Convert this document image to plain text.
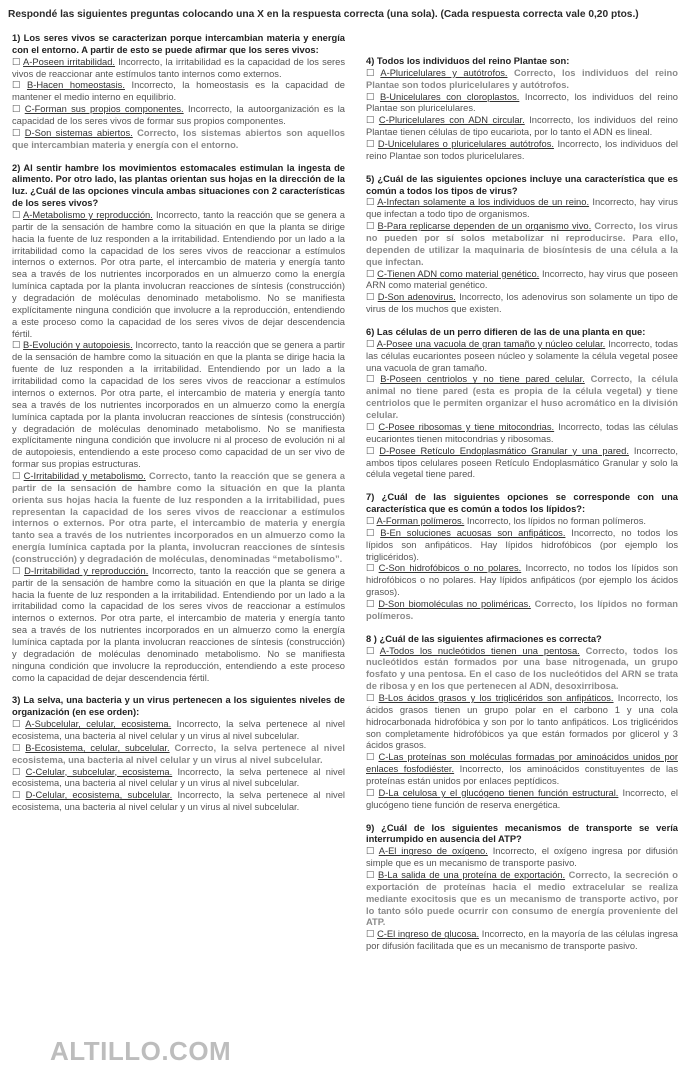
Respondé las siguientes preguntas colocando una X en la respuesta correcta (una sola). (Cada respuesta correcta vale 0,20 ptos.)
1) Los seres vivos se caracterizan porque intercambian materia y energía con el entorno. A partir de esto se puede afirmar que los seres vivos:
☐ A-Poseen irritabilidad. Incorrecto, la irritabilidad es la capacidad de los seres vivos de reaccionar ante estímulos tanto internos como externos.
☐ B-Hacen homeostasis. Incorrecto, la homeostasis es la capacidad de mantener el medio interno en equilibrio.
☐ C-Forman sus propios componentes. Incorrecto, la autoorganización es la capacidad de los seres vivos de formar sus propios componentes.
☐ D-Son sistemas abiertos. Correcto, los sistemas abiertos son aquellos que intercambian materia y energía con el entorno.
2) Al sentir hambre los movimientos estomacales estimulan la ingesta de alimento. Por otro lado, las plantas orientan sus hojas en la dirección de la luz. ¿Cuál de las opciones vincula ambas situaciones con 2 características de los seres vivos?
☐ A-Metabolismo y reproducción. Incorrecto, tanto la reacción que se genera a partir de la sensación de hambre como la situación en que la planta se dirige hacia la fuente de luz responden a la irritabilidad. Entendiendo por un lado a la irritabilidad como la capacidad de los seres vivos de reaccionar a estímulos internos o externos. Por otra parte, el intercambio de materia y energía tanto sea a través de los nutrientes incorporados en un almuerzo como la energía lumínica captada por la planta involucran reacciones de síntesis (construcción) y degradación de moléculas denominado metabolismo. No se manifiesta explícitamente ninguna condición que involucre a la reproducción, entendiendo a este proceso como la capacidad de los seres vivos de dejar descendencia fértil.
☐ B-Evolución y autopoiesis. Incorrecto, tanto la reacción que se genera a partir de la sensación de hambre como la situación en que la planta se dirige hacia la fuente de luz responden a la irritabilidad. Entendiendo por un lado a la irritabilidad como la capacidad de los seres vivos de reaccionar a estímulos internos o externos. Por otra parte, el intercambio de materia y energía tanto sea a través de los nutrientes incorporados en un almuerzo como la energía lumínica captada por la planta involucran reacciones de síntesis (construcción) y degradación de moléculas denominado metabolismo. No se manifiesta explícitamente ninguna condición que involucre ni al proceso de evolución ni al de autopoiesis, entendiendo a este proceso como capacidad de un ser vivo de formar sus propias estructuras.
☐ C-Irritabilidad y metabolismo. Correcto, tanto la reacción que se genera a partir de la sensación de hambre como la situación en que la planta orienta sus hojas hacia la fuente de luz responden a la irritabilidad, pues representan la capacidad de los seres vivos de reaccionar a estímulos internos o externos. Por otra parte, el intercambio de materia y energía tanto sea a través de los nutrientes incorporados en un almuerzo como la energía lumínica captada por la planta, involucran reacciones de síntesis (construcción) y degradación de moléculas, denominadas “metabolismo”.
☐ D-Irritabilidad y reproducción. Incorrecto, tanto la reacción que se genera a partir de la sensación de hambre como la situación en que la planta se dirige hacia la fuente de luz responden a la irritabilidad. Entendiendo por un lado a la irritabilidad como la capacidad de los seres vivos de reaccionar a estímulos internos o externos. Por otra parte, el intercambio de materia y energía tanto sea a través de los nutrientes incorporados en un almuerzo como la energía lumínica captada por la planta involucran reacciones de síntesis (construcción) y degradación de moléculas denominado metabolismo. No se manifiesta ninguna condición que involucre la reproducción, entendiendo a este proceso como la capacidad de dejar descendencia fértil.
3) La selva, una bacteria y un virus pertenecen a los siguientes niveles de organización (en ese orden):
☐ A-Subcelular, celular, ecosistema. Incorrecto, la selva pertenece al nivel ecosistema, una bacteria al nivel celular y un virus al nivel subcelular.
☐ B-Ecosistema, celular, subcelular. Correcto, la selva pertenece al nivel ecosistema, una bacteria al nivel celular y un virus al nivel subcelular.
☐ C-Celular, subcelular, ecosistema. Incorrecto, la selva pertenece al nivel ecosistema, una bacteria al nivel celular y un virus al nivel subcelular.
☐ D-Celular, ecosistema, subcelular. Incorrecto, la selva pertenece al nivel ecosistema, una bacteria al nivel celular y un virus al nivel subcelular.
4) Todos los individuos del reino Plantae son:
☐ A-Pluricelulares y autótrofos. Correcto, los individuos del reino Plantae son todos pluricelulares y autótrofos.
☐ B-Unicelulares con cloroplastos. Incorrecto, los individuos del reino Plantae son pluricelulares.
☐ C-Pluricelulares con ADN circular. Incorrecto, los individuos del reino Plantae tienen células de tipo eucariota, por lo tanto el ADN es lineal.
☐ D-Unicelulares o pluricelulares autótrofos. Incorrecto, los individuos del reino Plantae son todos pluricelulares.
5) ¿Cuál de las siguientes opciones incluye una característica que es común a todos los tipos de virus?
☐ A-Infectan solamente a los individuos de un reino. Incorrecto, hay virus que infectan a todo tipo de organismos.
☐ B-Para replicarse dependen de un organismo vivo. Correcto, los virus no pueden por sí solos metabolizar ni reproducirse. Para ello, dependen de utilizar la maquinaria de biosíntesis de una célula a la que infectan.
☐ C-Tienen ADN como material genético. Incorrecto, hay virus que poseen ARN como material genético.
☐ D-Son adenovirus. Incorrecto, los adenovirus son solamente un tipo de virus de los muchos que existen.
6) Las células de un perro difieren de las de una planta en que:
☐ A-Posee una vacuola de gran tamaño y núcleo celular. Incorrecto, todas las células eucariontes poseen núcleo y solamente la célula vegetal posee una vacuola de gran tamaño.
☐ B-Poseen centriolos y no tiene pared celular. Correcto, la célula animal no tiene pared (esta es propia de la célula vegetal) y tiene centriolos que le permiten organizar el huso acromático en la división celular.
☐ C-Posee ribosomas y tiene mitocondrias. Incorrecto, todas las células eucariontes tienen mitocondrias y ribosomas.
☐ D-Posee Retículo Endoplasmático Granular y una pared. Incorrecto, ambos tipos celulares poseen Retículo Endoplasmático Granular y solo la célula vegetal tiene pared.
7) ¿Cuál de las siguientes opciones se corresponde con una característica que es común a todos los lípidos?:
☐ A-Forman polímeros. Incorrecto, los lípidos no forman polímeros.
☐ B-En soluciones acuosas son anfipáticos. Incorrecto, no todos los lípidos son anfipáticos. Hay lípidos hidrofóbicos (por ejemplo los triglicéridos).
☐ C-Son hidrofóbicos o no polares. Incorrecto, no todos los lípidos son hidrofóbicos o no polares. Hay lípidos anfipáticos (por ejemplo los ácidos grasos).
☐ D-Son biomoléculas no poliméricas. Correcto, los lípidos no forman polímeros.
8 ) ¿Cuál de las siguientes afirmaciones es correcta?
☐ A-Todos los nucleótidos tienen una pentosa. Correcto, todos los nucleótidos están formados por una base nitrogenada, un grupo fosfato y una pentosa. En el caso de los nucleótidos del ARN se trata de ribosa y en los que pertenecen al ADN, desoxirribosa.
☐ B-Los ácidos grasos y los triglicéridos son anfipáticos. Incorrecto, los ácidos grasos tienen un grupo polar en el carbono 1 y una cola hidrocarbonada hidrofóbica y son por lo tanto anfipáticos. Los triglicéridos son completamente hidrofóbicos ya que están formados por glicerol y 3 ácidos grasos.
☐ C-Las proteínas son moléculas formadas por aminoácidos unidos por enlaces fosfodiéster. Incorrecto, los aminoácidos constituyentes de las proteínas están unidos por enlaces peptídicos.
☐ D-La celulosa y el glucógeno tienen función estructural. Incorrecto, el glucógeno tiene función de reserva energética.
9) ¿Cuál de los siguientes mecanismos de transporte se vería interrumpido en ausencia del ATP?
☐ A-El ingreso de oxígeno. Incorrecto, el oxígeno ingresa por difusión simple que es un mecanismo de transporte pasivo.
☐ B-La salida de una proteína de exportación. Correcto, la secreción o exportación de proteínas hacia el medio extracelular se realiza mediante exocitosis que es un mecanismo de transporte activo, por lo tanto sólo puede ocurrir con consumo de energía proveniente del ATP.
☐ C-El ingreso de glucosa. Incorrecto, en la mayoría de las células ingresa por difusión facilitada que es un mecanismo de transporte pasivo.
ALTILLO.COM
